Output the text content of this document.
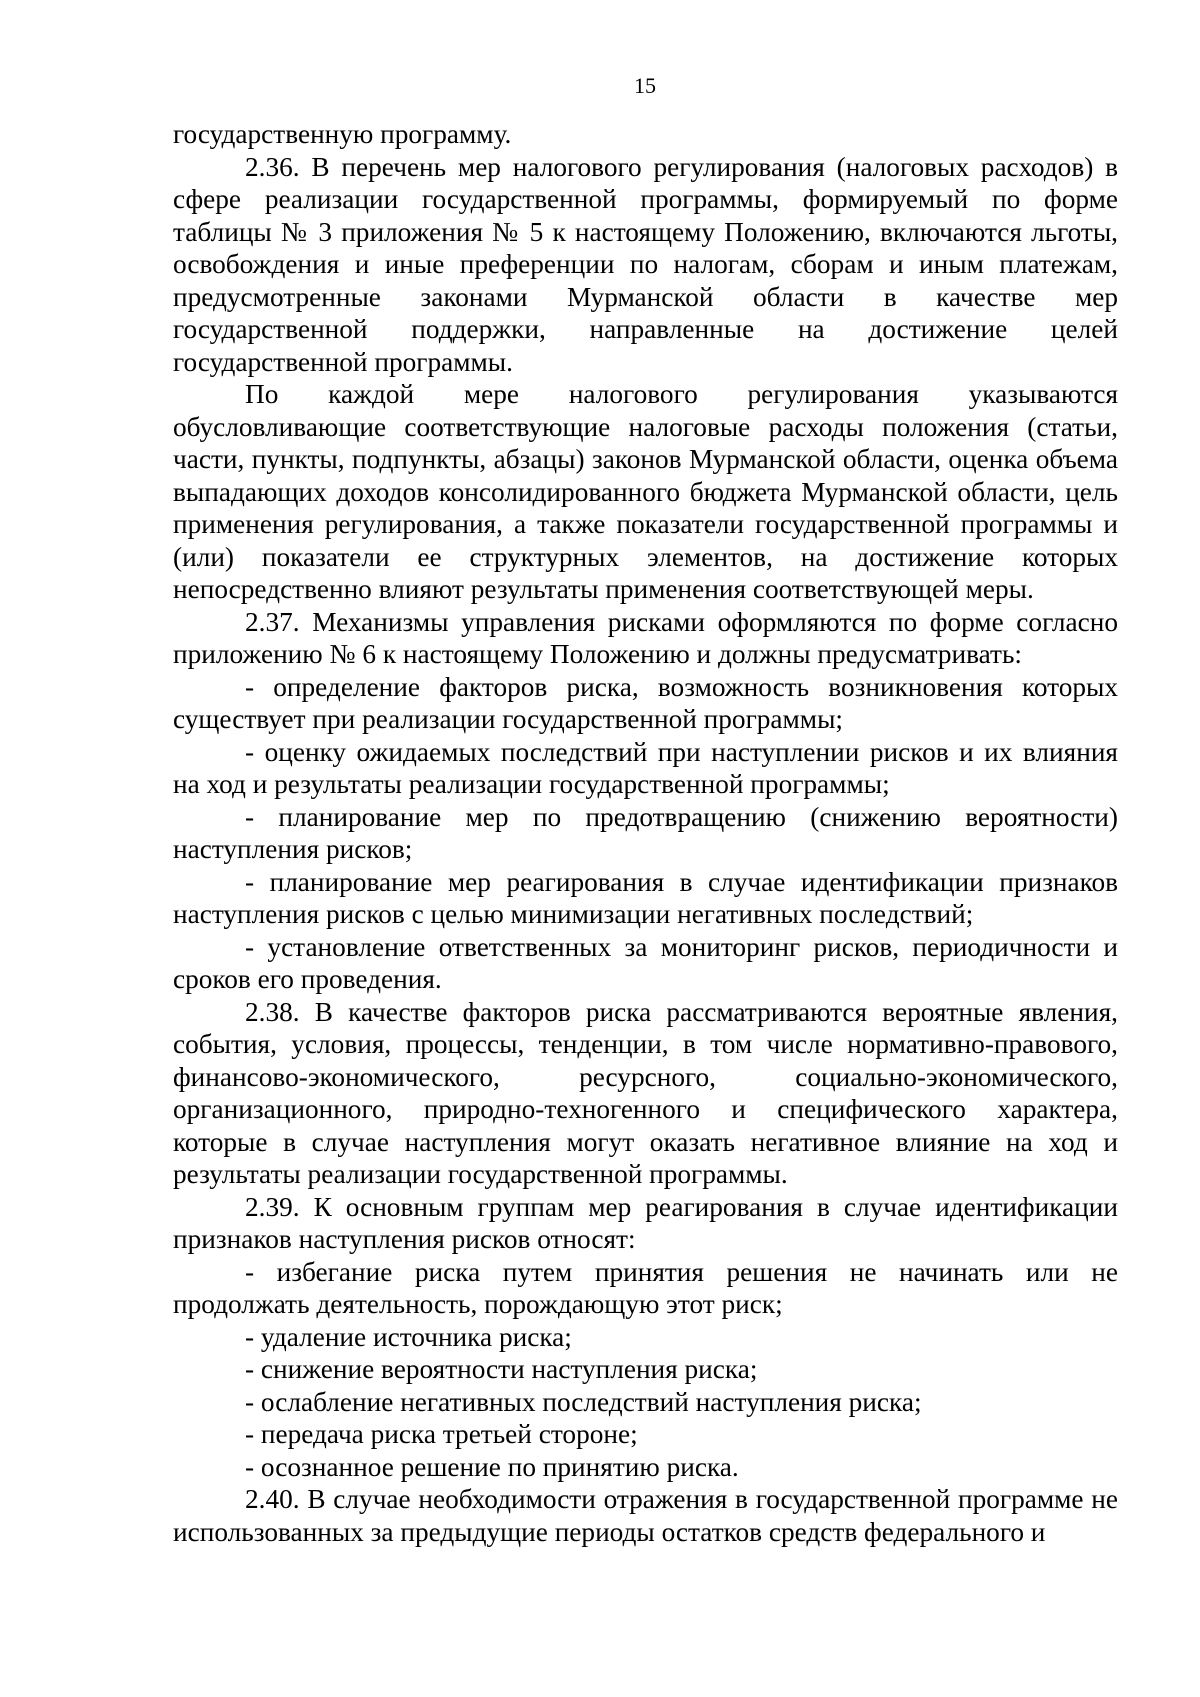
15

государственную программу.

2.36. В перечень мер налогового регулирования (налоговых расходов) в сфере реализации государственной программы, формируемый по форме таблицы № 3 приложения № 5 к настоящему Положению, включаются льготы, освобождения и иные преференции по налогам, сборам и иным платежам, предусмотренные законами Мурманской области в качестве мер государственной поддержки, направленные на достижение целей государственной программы.

По каждой мере налогового регулирования указываются обусловливающие соответствующие налоговые расходы положения (статьи, части, пункты, подпункты, абзацы) законов Мурманской области, оценка объема выпадающих доходов консолидированного бюджета Мурманской области, цель применения регулирования, а также показатели государственной программы и (или) показатели ее структурных элементов, на достижение которых непосредственно влияют результаты применения соответствующей меры.

2.37. Механизмы управления рисками оформляются по форме согласно приложению № 6 к настоящему Положению и должны предусматривать:

- определение факторов риска, возможность возникновения которых существует при реализации государственной программы;

- оценку ожидаемых последствий при наступлении рисков и их влияния на ход и результаты реализации государственной программы;

- планирование мер по предотвращению (снижению вероятности) наступления рисков;

- планирование мер реагирования в случае идентификации признаков наступления рисков с целью минимизации негативных последствий;

- установление ответственных за мониторинг рисков, периодичности и сроков его проведения.

2.38. В качестве факторов риска рассматриваются вероятные явления, события, условия, процессы, тенденции, в том числе нормативно-правового, финансово-экономического, ресурсного, социально-экономического, организационного, природно-техногенного и специфического характера, которые в случае наступления могут оказать негативное влияние на ход и результаты реализации государственной программы.

2.39. К основным группам мер реагирования в случае идентификации признаков наступления рисков относят:

- избегание риска путем принятия решения не начинать или не продолжать деятельность, порождающую этот риск;

- удаление источника риска;

- снижение вероятности наступления риска;

- ослабление негативных последствий наступления риска;

- передача риска третьей стороне;

- осознанное решение по принятию риска.

2.40. В случае необходимости отражения в государственной программе не использованных за предыдущие периоды остатков средств федерального и
